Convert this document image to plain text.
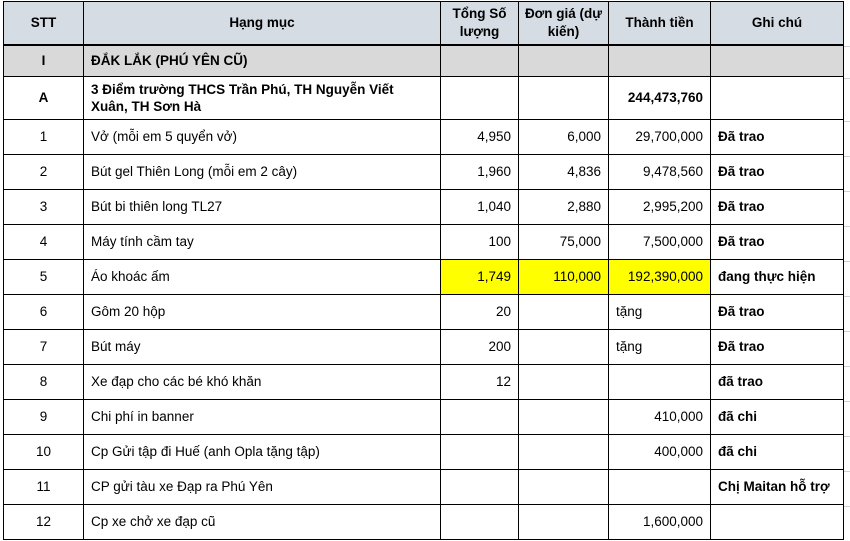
STT	Hạng mục	Tổng Số lượng	Đơn giá (dự kiến)	Thành tiền	Ghi chú
I	ĐẮK LẮK (PHÚ YÊN CŨ)				
A	3 Điểm trường THCS Trần Phú, TH Nguyễn Viết Xuân, TH Sơn Hà			244,473,760	
1	Vở (mỗi em 5 quyển vở)	4,950	6,000	29,700,000	Đã trao
2	Bút gel Thiên Long (mỗi em 2 cây)	1,960	4,836	9,478,560	Đã trao
3	Bút bi thiên long TL27	1,040	2,880	2,995,200	Đã trao
4	Máy tính cầm tay	100	75,000	7,500,000	Đã trao
5	Áo khoác ấm	1,749	110,000	192,390,000	đang thực hiện
6	Gôm 20 hộp	20		tặng	Đã trao
7	Bút máy	200		tặng	Đã trao
8	Xe đạp cho các bé khó khăn	12			đã trao
9	Chi phí in banner			410,000	đã chi
10	Cp Gửi tập đi Huế (anh Opla tặng tập)			400,000	đã chi
11	CP gửi tàu xe Đạp ra Phú Yên				Chị Maitan hỗ trợ
12	Cp xe chở xe đạp cũ			1,600,000	
